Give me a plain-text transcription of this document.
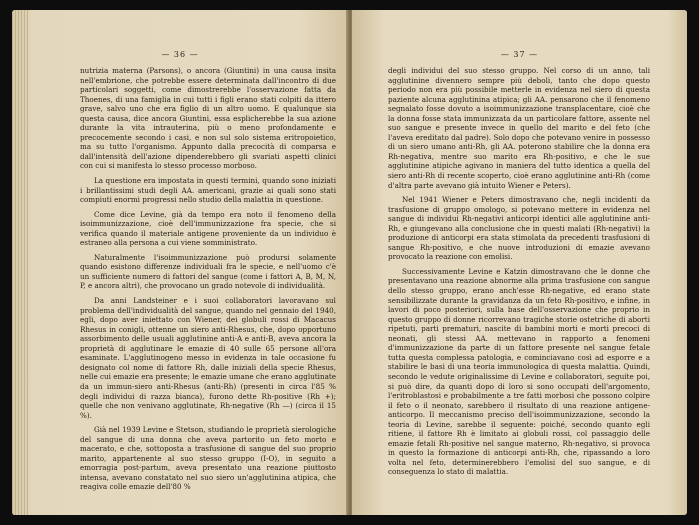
— 36 —

nutrizia materna (Parsons), o ancora (Giuntini) in una causa insita nell'embrione, che potrebbe essere determinata dall'incontro di due particolari soggetti, come dimostrerebbe l'osservazione fatta da Thoenes, di una famiglia in cui tutti i figli erano stati colpiti da ittero grave, salvo uno che era figlio di un altro uomo. E qualunque sia questa causa, dice ancora Giuntini, essa esplicherebbe la sua azione durante la vita intrauterina, più o meno profondamente e precocemente secondo i casi, e non sul solo sistema eritropoietico, ma su tutto l'organismo. Appunto dalla precocità di comparsa e dall'intensità dell'azione dipenderebbero gli svariati aspetti clinici con cui si manifesta lo stesso processo morboso.

La questione era impostata in questi termini, quando sono iniziati i brillantissimi studi degli AA. americani, grazie ai quali sono stati compiuti enormi progressi nello studio della malattia in questione.

Come dice Levine, già da tempo era noto il fenomeno della isoimmunizzazione, cioè dell'immunizzazione fra specie, che si verifica quando il materiale antigene proveniente da un individuo è estraneo alla persona a cui viene somministrato.

Naturalmente l'isoimmunizzazione può prodursi solamente quando esistono differenze individuali fra le specie, e nell'uomo c'è un sufficiente numero di fattori del sangue (come i fattori A, B, M, N, P, e ancora altri), che provocano un grado notevole di individualità.

Da anni Landsteiner e i suoi collaboratori lavoravano sul problema dell'individualità del sangue, quando nel gennaio del 1940, egli, dopo aver iniettato con Wiener, dei globuli rossi di Macacus Rhesus in conigli, ottenne un siero anti-Rhesus, che, dopo opportuno assorbimento delle usuali agglutinine anti-A e anti-B, aveva ancora la proprietà di agglutinare le emazie di 40 sulle 65 persone all'ora esaminate. L'agglutinogeno messo in evidenza in tale occasione fu designato col nome di fattore Rh, dalle iniziali della specie Rhesus, nelle cui emazie era presente; le emazie umane che erano agglutinate da un immun-siero anti-Rhesus (anti-Rh) (presenti in circa l'85 % degli individui di razza bianca), furono dette Rh-positive (Rh +); quelle che non venivano agglutinate, Rh-negative (Rh —) (circa il 15 %).

Già nel 1939 Levine e Stetson, studiando le proprietà sierologiche del sangue di una donna che aveva partorito un feto morto e macerato, e che, sottoposta a trasfusione di sangue del suo proprio marito, appartenente al suo stesso gruppo (I-O), in seguito a emorragia post-partum, aveva presentato una reazione piuttosto intensa, avevano constatato nel suo siero un'agglutinina atipica, che reagiva colle emazie dell'80 %

— 37 —

degli individui del suo stesso gruppo. Nel corso di un anno, tali agglutinine divennero sempre più deboli, tanto che dopo questo periodo non era più possibile metterle in evidenza nel siero di questa paziente alcuna agglutinina atipica; gli AA. pensarono che il fenomeno segnalato fosse dovuto a isoimmunizzazione transplacentare, cioè che la donna fosse stata immunizzata da un particolare fattore, assente nel suo sangue e presente invece in quello del marito e del feto (che l'aveva ereditato dal padre). Solo dopo che potevano venire in possesso di un siero umano anti-Rh, gli AA. poterono stabilire che la donna era Rh-negativa, mentre suo marito era Rh-positivo, e che le sue agglutinine atipiche agivano in maniera del tutto identica a quella del siero anti-Rh di recente scoperto, cioè erano agglutinine anti-Rh (come d'altra parte avevano già intuito Wiener e Peters).

Nel 1941 Wiener e Peters dimostravano che, negli incidenti da trasfusione di gruppo omologo, si potevano mettere in evidenza nel sangue di individui Rh-negativi anticorpi identici alle agglutinine anti-Rh, e giungevano alla conclusione che in questi malati (Rh-negativi) la produzione di anticorpi era stata stimolata da precedenti trasfusioni di sangue Rh-positivo, e che nuove introduzioni di emazie avevano provocato la reazione con emolisi.

Successivamente Levine e Katzin dimostravano che le donne che presentavano una reazione abnorme alla prima trasfusione con sangue dello stesso gruppo, erano anch'esse Rh-negative, ed erano state sensibilizzate durante la gravidanza da un feto Rh-positivo, e infine, in lavori di poco posteriori, sulla base dell'osservazione che proprio in questo gruppo di donne ricorrevano tragiche storie ostetriche di aborti ripetuti, parti prematuri, nascite di bambini morti e morti precoci di neonati, gli stessi AA. mettevano in rapporto a fenomeni d'immunizzazione da parte di un fattore presente nel sangue fetale tutta questa complessa patologia, e cominciavano così ad esporre e a stabilire le basi di una teoria immunologica di questa malattia. Quindi, secondo le vedute originalissime di Levine e collaboratori, seguite poi, si può dire, da quanti dopo di loro si sono occupati dell'argomento, l'eritroblastosi e probabilmente a tre fatti morbosi che possono colpire il feto o il neonato, sarebbero il risultato di una reazione antigene-anticorpo. Il meccanismo preciso dell'isoimmunizzazione, secondo la teoria di Levine, sarebbe il seguente: poiché, secondo quanto egli ritiene, il fattore Rh è limitato ai globuli rossi, col passaggio delle emazie fetali Rh-positive nel sangue materno, Rh-negativo, si provoca in questo la formazione di anticorpi anti-Rh, che, ripassando a loro volta nel feto, determinerebbero l'emolisi del suo sangue, e di conseguenza lo stato di malattia.
